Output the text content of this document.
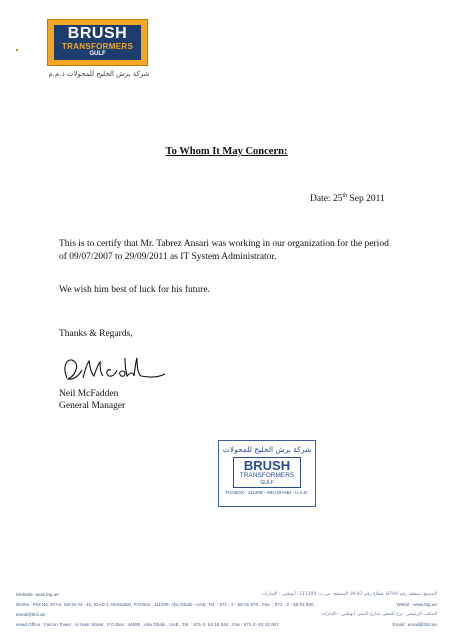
BRUSH
TRANSFORMERS
GULF
شركة برش الخليج للمحولات ذ.م.م
To Whom It May Concern:
Date: 25th Sep 2011
This is to certify that Mr. Tabrez Ansari was working in our organization for the period of 09/07/2007 to 29/09/2011 as IT System Administrator.
We wish him best of luck for his future.
Thanks & Regards,
Neil McFadden
General Manager
شركة برش الخليج للمحولات
BRUSH
TRANSFORMERS
GULF
P.O.BOX : 111209 - ABU DHABI - U.A.E.
Website: www.btg.ae	المصنع: منطقة رقم 87A4، قطاع رقم 41-M، المصفح، ص.ب: 111209، أبوظبي - الإمارات
Works : Plot No. 87A4, Sector M - 41, ICAD 1, Mussafah, P.O.Box : 111209, Abu Dhabi - UAE, Tel. : 971 - 2 - 55 01 970 , Fax. : 971 - 2 - 55 01 920	Webst : www.btg.ae
email@btsl.ae	المكتب الرئيسي: برج الصقر، شارع النصر، أبوظبي - الإمارات
Head Office : Falcon Tower , Al Nasr Street , P.O.Box : 44985 , Abu Dhabi , UAE , Tel. : 971-2- 63 18 044 , Fax : 971-2- 63 18 067	Email : email@btsl.ae
